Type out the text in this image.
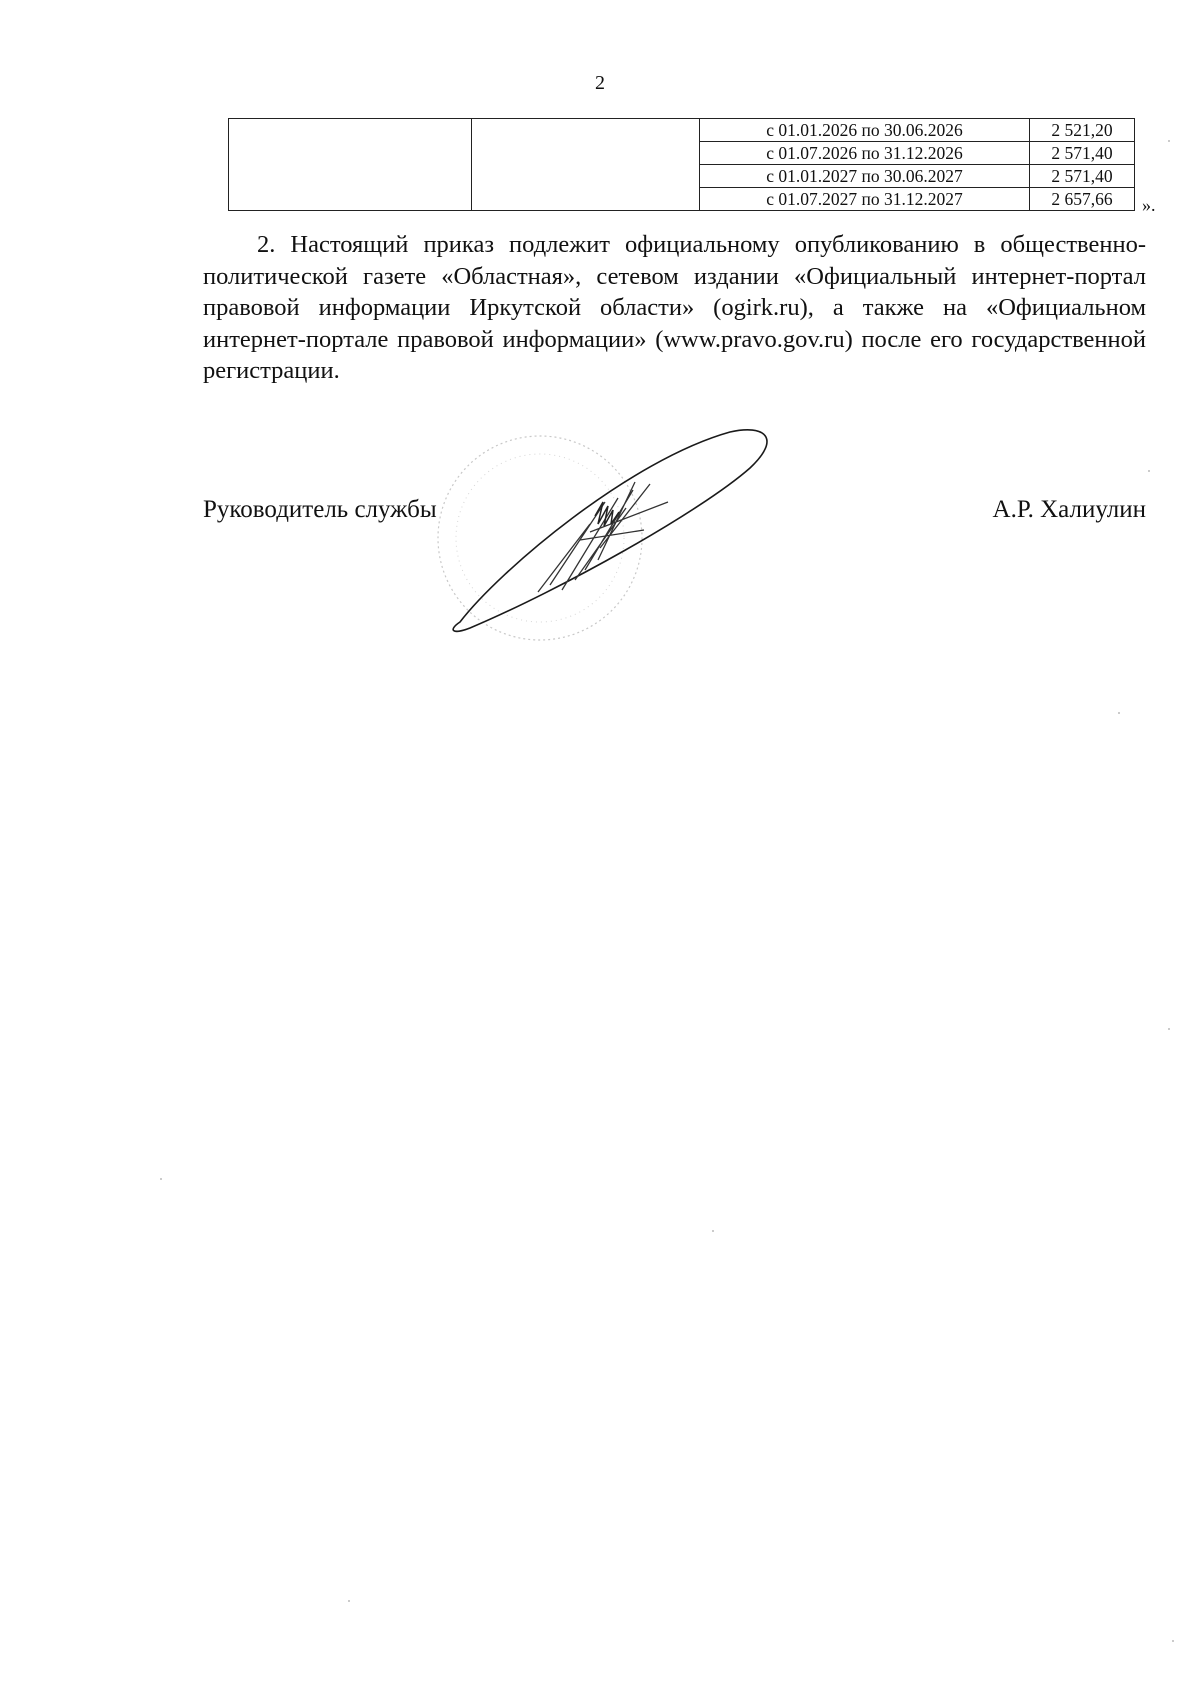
2
		с 01.01.2026 по 30.06.2026	2 521,20
		с 01.07.2026 по 31.12.2026	2 571,40
		с 01.01.2027 по 30.06.2027	2 571,40
		с 01.07.2027 по 31.12.2027	2 657,66 ».

2. Настоящий приказ подлежит официальному опубликованию в общественно-политической газете «Областная», сетевом издании «Официальный интернет-портал правовой информации Иркутской области» (ogirk.ru), а также на «Официальном интернет-портале правовой информации» (www.pravo.gov.ru) после его государственной регистрации.

Руководитель службы	А.Р. Халиулин
